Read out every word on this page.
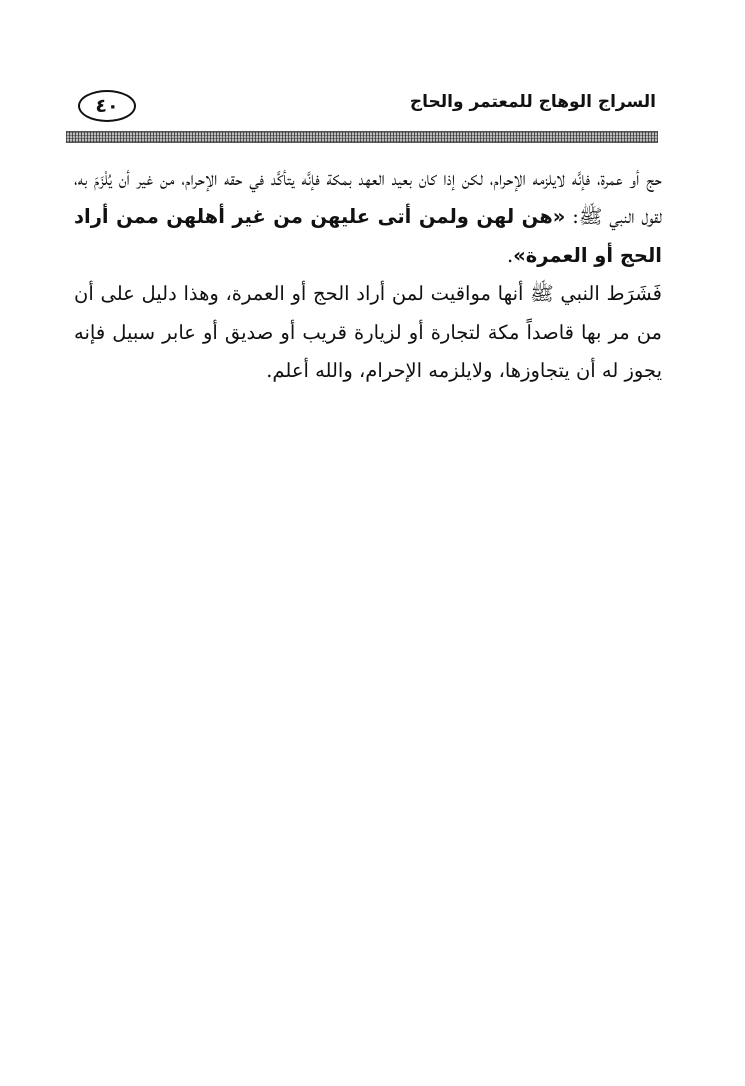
٤٠	السراج الوهاج للمعتمر والحاج

حج أو عمرة، فإنَّه لايلزمه الإحرام، لكن إذا كان بعيد العهد بمكة فإنَّه يتأكَّد في حقه الإحرام، من غير أن يُلْزَمَ به، لقول النبي ﷺ: «هن لهن ولمن أتى عليهن من غير أهلهن ممن أراد الحج أو العمرة».

فَشَرَط النبي ﷺ أنها مواقيت لمن أراد الحج أو العمرة، وهذا دليل على أن من مر بها قاصداً مكة لتجارة أو لزيارة قريب أو صديق أو عابر سبيل فإنه يجوز له أن يتجاوزها، ولايلزمه الإحرام، والله أعلم.
